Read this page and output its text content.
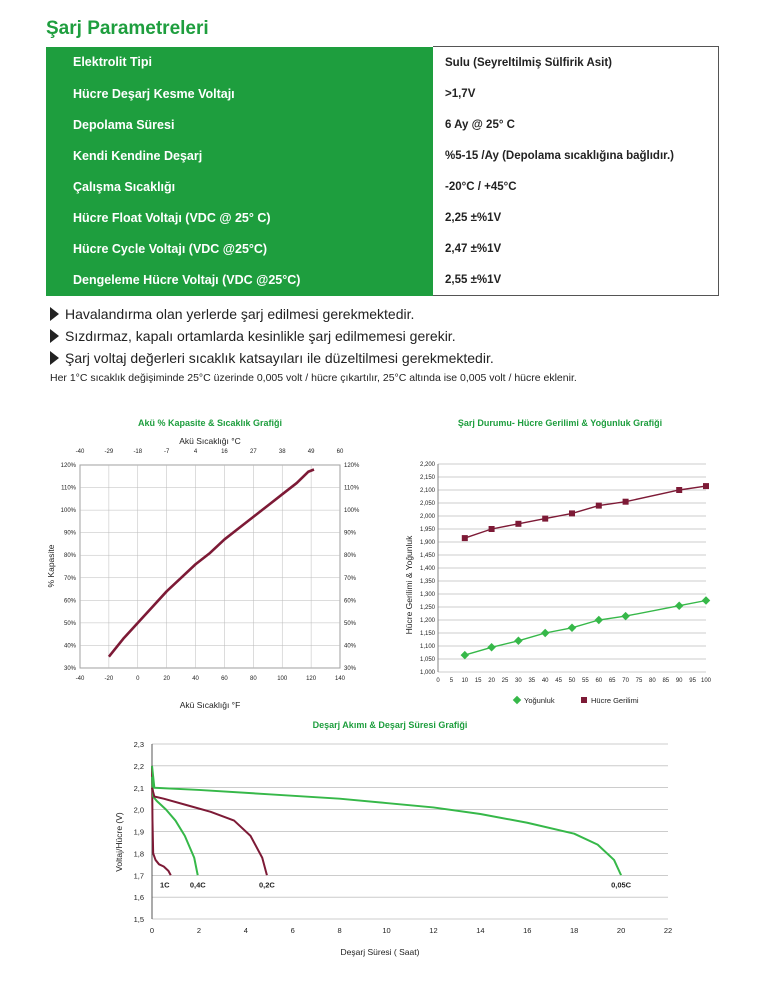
Şarj Parametreleri
Elektrolit Tipi	Sulu (Seyreltilmiş Sülfirik Asit)
Hücre Deşarj Kesme Voltajı	>1,7V
Depolama Süresi	6 Ay @ 25° C
Kendi Kendine Deşarj	%5-15 /Ay (Depolama sıcaklığına bağlıdır.)
Çalışma Sıcaklığı	-20°C / +45°C
Hücre Float Voltajı (VDC @ 25° C)	2,25 ±%1V
Hücre Cycle Voltajı (VDC @25°C)	2,47 ±%1V
Dengeleme Hücre Voltajı (VDC @25°C)	2,55 ±%1V
Havalandırma olan yerlerde şarj edilmesi gerekmektedir.
Sızdırmaz, kapalı ortamlarda kesinlikle şarj edilmemesi gerekir.
Şarj voltaj değerleri sıcaklık katsayıları ile düzeltilmesi gerekmektedir.
Her 1°C sıcaklık değişiminde 25°C üzerinde 0,005 volt / hücre çıkartılır, 25°C altında ise 0,005 volt / hücre eklenir.
Akü % Kapasite & Sıcaklık Grafiği
Akü Sıcaklığı °C
Akü Sıcaklığı °F
% Kapasite
30%	30%
40%	40%
50%	50%
60%	60%
70%	70%
80%	80%
90%	90%
100%	100%
110%	110%
120%	120%
-40	-20	0	20	40	60	80	100	120	140
-40	-29	-18	-7	4	16	27	38	49	60
Şarj Durumu- Hücre Gerilimi & Yoğunluk Grafiği
Hücre Gerilimi & Yoğunluk
1,000
1,050
1,100
1,150
1,200
1,250
1,300
1,350
1,400
1,450
1,900
1,950
2,000
2,050
2,100
2,150
2,200
0 5 10 15 20 25 30 35 40 45 50 55 60 65 70 75 80 85 90 95 100
Yoğunluk	Hücre Gerilimi
Deşarj Akımı & Deşarj Süresi Grafiği
Deşarj Süresi ( Saat)
Voltaj/Hücre (V)
1,5
1,6
1,7
1,8
1,9
2,0
2,1
2,2
2,3
0	2	4	6	8	10	12	14	16	18	20	22
1C	0,4C	0,2C	0,05C
